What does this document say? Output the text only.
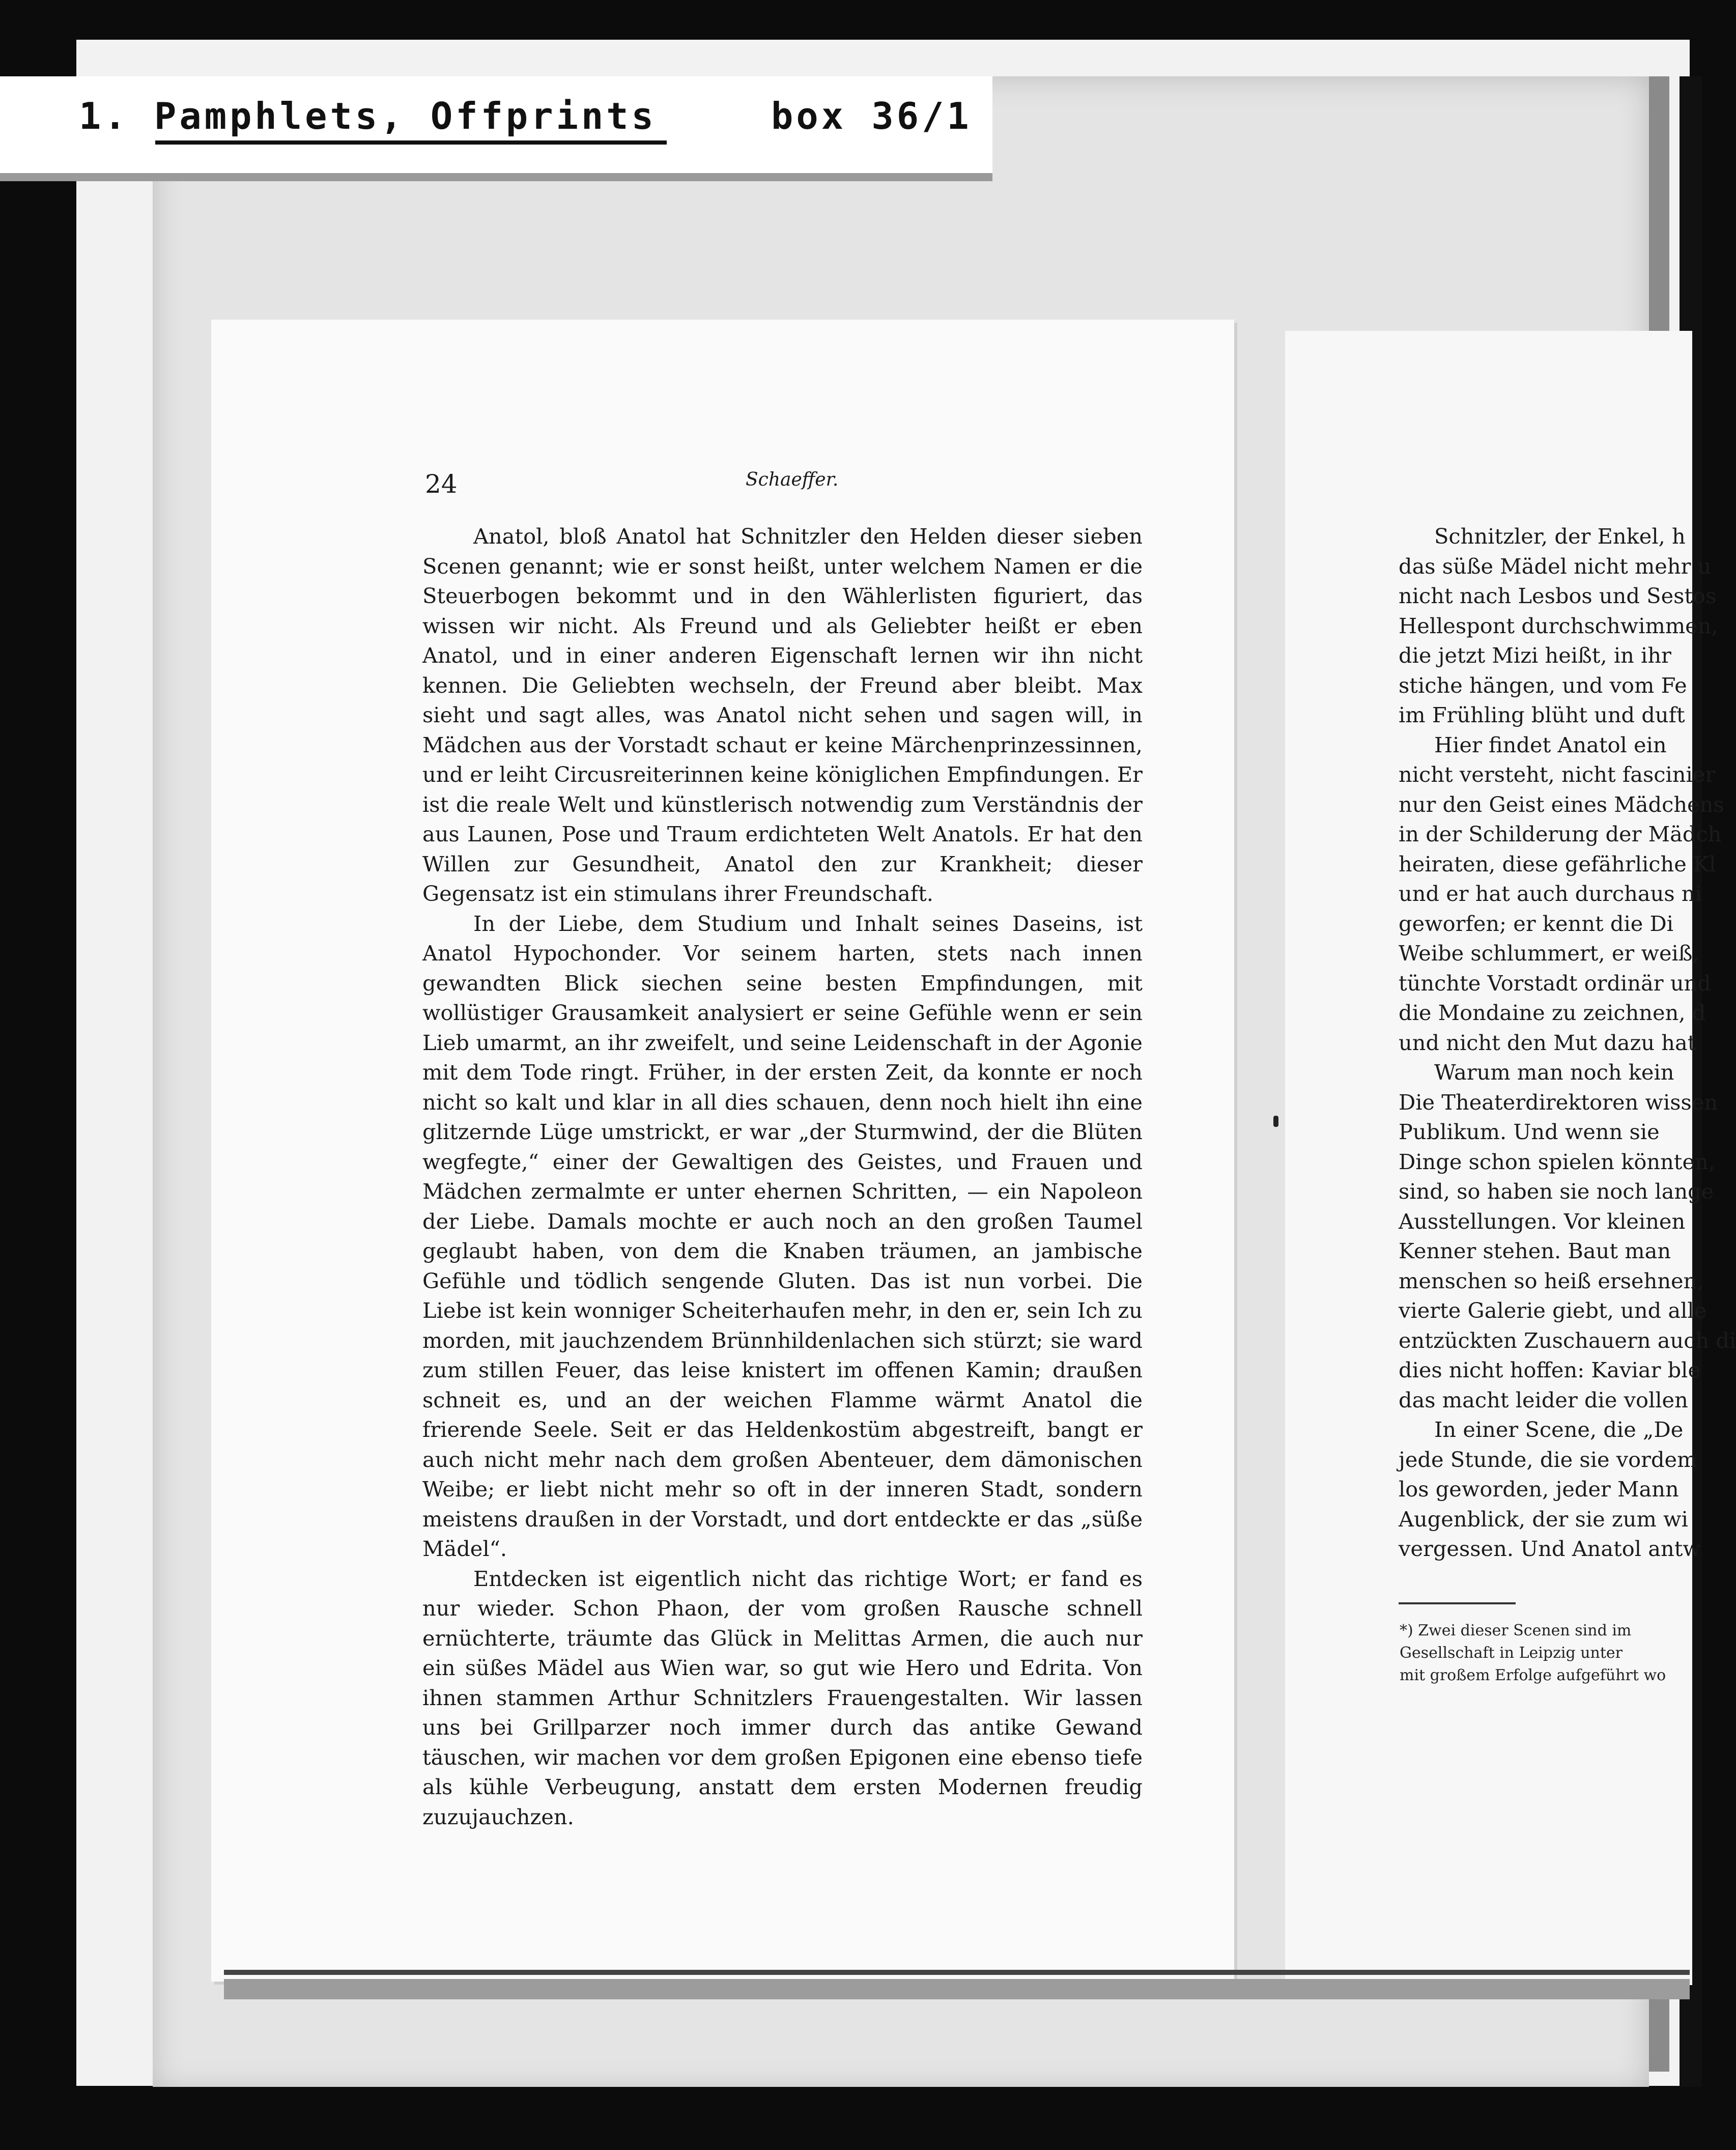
1. Pamphlets, Offprints	box 36/1
24	Schaeffer.

Anatol, bloß Anatol hat Schnitzler den Helden dieser sieben Scenen genannt; wie er sonst heißt, unter welchem Namen er die Steuerbogen bekommt und in den Wählerlisten figuriert, das wissen wir nicht. Als Freund und als Geliebter heißt er eben Anatol, und in einer anderen Eigenschaft lernen wir ihn nicht kennen. Die Geliebten wechseln, der Freund aber bleibt. Max sieht und sagt alles, was Anatol nicht sehen und sagen will, in Mädchen aus der Vorstadt schaut er keine Märchenprinzessinnen, und er leiht Circusreiterinnen keine königlichen Empfindungen. Er ist die reale Welt und künstlerisch notwendig zum Verständnis der aus Launen, Pose und Traum erdichteten Welt Anatols. Er hat den Willen zur Gesundheit, Anatol den zur Krankheit; dieser Gegensatz ist ein stimulans ihrer Freundschaft.

In der Liebe, dem Studium und Inhalt seines Daseins, ist Anatol Hypochonder. Vor seinem harten, stets nach innen gewandten Blick siechen seine besten Empfindungen, mit wollüstiger Grausamkeit analysiert er seine Gefühle wenn er sein Lieb umarmt, an ihr zweifelt, und seine Leidenschaft in der Agonie mit dem Tode ringt. Früher, in der ersten Zeit, da konnte er noch nicht so kalt und klar in all dies schauen, denn noch hielt ihn eine glitzernde Lüge umstrickt, er war „der Sturmwind, der die Blüten wegfegte,“ einer der Gewaltigen des Geistes, und Frauen und Mädchen zermalmte er unter ehernen Schritten, — ein Napoleon der Liebe. Damals mochte er auch noch an den großen Taumel geglaubt haben, von dem die Knaben träumen, an jambische Gefühle und tödlich sengende Gluten. Das ist nun vorbei. Die Liebe ist kein wonniger Scheiterhaufen mehr, in den er, sein Ich zu morden, mit jauchzendem Brünnhildenlachen sich stürzt; sie ward zum stillen Feuer, das leise knistert im offenen Kamin; draußen schneit es, und an der weichen Flamme wärmt Anatol die frierende Seele. Seit er das Heldenkostüm abgestreift, bangt er auch nicht mehr nach dem großen Abenteuer, dem dämonischen Weibe; er liebt nicht mehr so oft in der inneren Stadt, sondern meistens draußen in der Vorstadt, und dort entdeckte er das „süße Mädel“.

Entdecken ist eigentlich nicht das richtige Wort; er fand es nur wieder. Schon Phaon, der vom großen Rausche schnell ernüchterte, träumte das Glück in Melittas Armen, die auch nur ein süßes Mädel aus Wien war, so gut wie Hero und Edrita. Von ihnen stammen Arthur Schnitzlers Frauengestalten. Wir lassen uns bei Grillparzer noch immer durch das antike Gewand täuschen, wir machen vor dem großen Epigonen eine ebenso tiefe als kühle Verbeugung, anstatt dem ersten Modernen freudig zuzujauchzen.

Schnitzler, der Enkel, h
das süße Mädel nicht mehr u
nicht nach Lesbos und Sestos
Hellespont durchschwimmen,
die jetzt Mizi heißt, in ihr
stiche hängen, und vom Fe
im Frühling blüht und duft
Hier findet Anatol ein
nicht versteht, nicht fascinier
nur den Geist eines Mädchens
in der Schilderung der Mädch
heiraten, diese gefährliche Kl
und er hat auch durchaus ni
geworfen; er kennt die Di
Weibe schlummert, er weiß,
tünchte Vorstadt ordinär und
die Mondaine zu zeichnen, d
und nicht den Mut dazu hat
Warum man noch kein
Die Theaterdirektoren wissen
Publikum. Und wenn sie
Dinge schon spielen könnten,
sind, so haben sie noch lange
Ausstellungen. Vor kleinen
Kenner stehen. Baut man
menschen so heiß ersehnen,
vierte Galerie giebt, und alle
entzückten Zuschauern auch di
dies nicht hoffen: Kaviar ble
das macht leider die vollen
In einer Scene, die „De
jede Stunde, die sie vordem
los geworden, jeder Mann
Augenblick, der sie zum wi
vergessen. Und Anatol antw
*) Zwei dieser Scenen sind im
Gesellschaft in Leipzig unter
mit großem Erfolge aufgeführt wo
